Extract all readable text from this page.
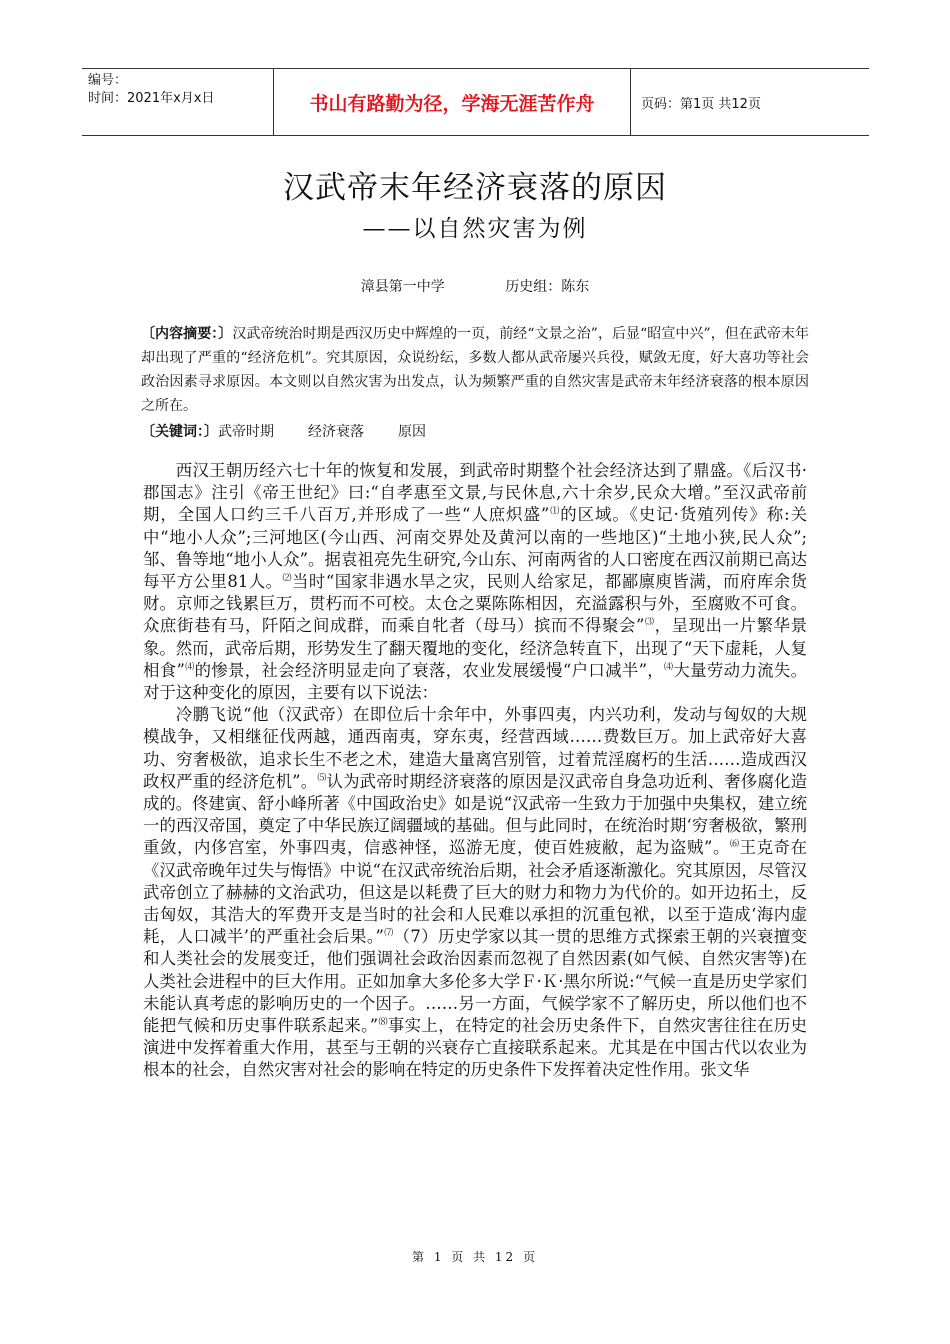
编号：
时间：2021年x月x日	书山有路勤为径，学海无涯苦作舟	页码：第1页 共12页
汉武帝末年经济衰落的原因
——以自然灾害为例
漳县第一中学	历史组：陈东
〔内容摘要：〕汉武帝统治时期是西汉历史中辉煌的一页，前经“文景之治”，后显“昭宣中兴”，但在武帝末年却出现了严重的“经济危机”。究其原因，众说纷纭，多数人都从武帝屡兴兵役，赋敛无度，好大喜功等社会政治因素寻求原因。本文则以自然灾害为出发点，认为频繁严重的自然灾害是武帝末年经济衰落的根本原因之所在。
〔关键词：〕武帝时期 经济衰落 原因

西汉王朝历经六七十年的恢复和发展，到武帝时期整个社会经济达到了鼎盛。《后汉书·郡国志》注引《帝王世纪》曰:“自孝惠至文景,与民休息,六十余岁,民众大增。”至汉武帝前期，全国人口约三千八百万,并形成了一些“人庶炽盛”⑴的区域。《史记·货殖列传》称:关中“地小人众”;三河地区(今山西、河南交界处及黄河以南的一些地区)“土地小狭,民人众”;邹、鲁等地“地小人众”。据袁祖亮先生研究,今山东、河南两省的人口密度在西汉前期已高达每平方公里81人。⑵当时“国家非遇水旱之灾，民则人给家足，都鄙廪庾皆满，而府库余货财。京师之钱累巨万，贯朽而不可校。太仓之粟陈陈相因，充溢露积与外，至腐败不可食。众庶街巷有马，阡陌之间成群，而乘自牝者（母马）摈而不得聚会”⑶，呈现出一片繁华景象。然而，武帝后期，形势发生了翻天覆地的变化，经济急转直下，出现了“天下虚耗，人复相食”⑷的惨景，社会经济明显走向了衰落，农业发展缓慢“户口减半”，⑷大量劳动力流失。对于这种变化的原因，主要有以下说法：

冷鹏飞说“他（汉武帝）在即位后十余年中，外事四夷，内兴功利，发动与匈奴的大规模战争，又相继征伐两越，通西南夷，穿东夷，经营西域……费数巨万。加上武帝好大喜功、穷奢极欲，追求长生不老之术，建造大量离宫别管，过着荒淫腐朽的生活……造成西汉政权严重的经济危机”。⑸认为武帝时期经济衰落的原因是汉武帝自身急功近利、奢侈腐化造成的。佟建寅、舒小峰所著《中国政治史》如是说“汉武帝一生致力于加强中央集权，建立统一的西汉帝国，奠定了中华民族辽阔疆域的基础。但与此同时，在统治时期‘穷奢极欲，繁刑重敛，内侈宫室，外事四夷，信惑神怪，巡游无度，使百姓疲敝，起为盗贼”。⑹王克奇在《汉武帝晚年过失与悔悟》中说“在汉武帝统治后期，社会矛盾逐渐激化。究其原因，尽管汉武帝创立了赫赫的文治武功，但这是以耗费了巨大的财力和物力为代价的。如开边拓土，反击匈奴，其浩大的军费开支是当时的社会和人民难以承担的沉重包袱，以至于造成‘海内虚耗，人口减半’的严重社会后果。”⑺（7）历史学家以其一贯的思维方式探索王朝的兴衰擅变和人类社会的发展变迁，他们强调社会政治因素而忽视了自然因素(如气候、自然灾害等)在人类社会进程中的巨大作用。正如加拿大多伦多大学Ｆ·Ｋ·黑尔所说:“气候一直是历史学家们未能认真考虑的影响历史的一个因子。……另一方面，气候学家不了解历史，所以他们也不能把气候和历史事件联系起来。”⑻事实上，在特定的社会历史条件下，自然灾害往往在历史演进中发挥着重大作用，甚至与王朝的兴衰存亡直接联系起来。尤其是在中国古代以农业为根本的社会，自然灾害对社会的影响在特定的历史条件下发挥着决定性作用。张文华

第 1 页 共 12 页
